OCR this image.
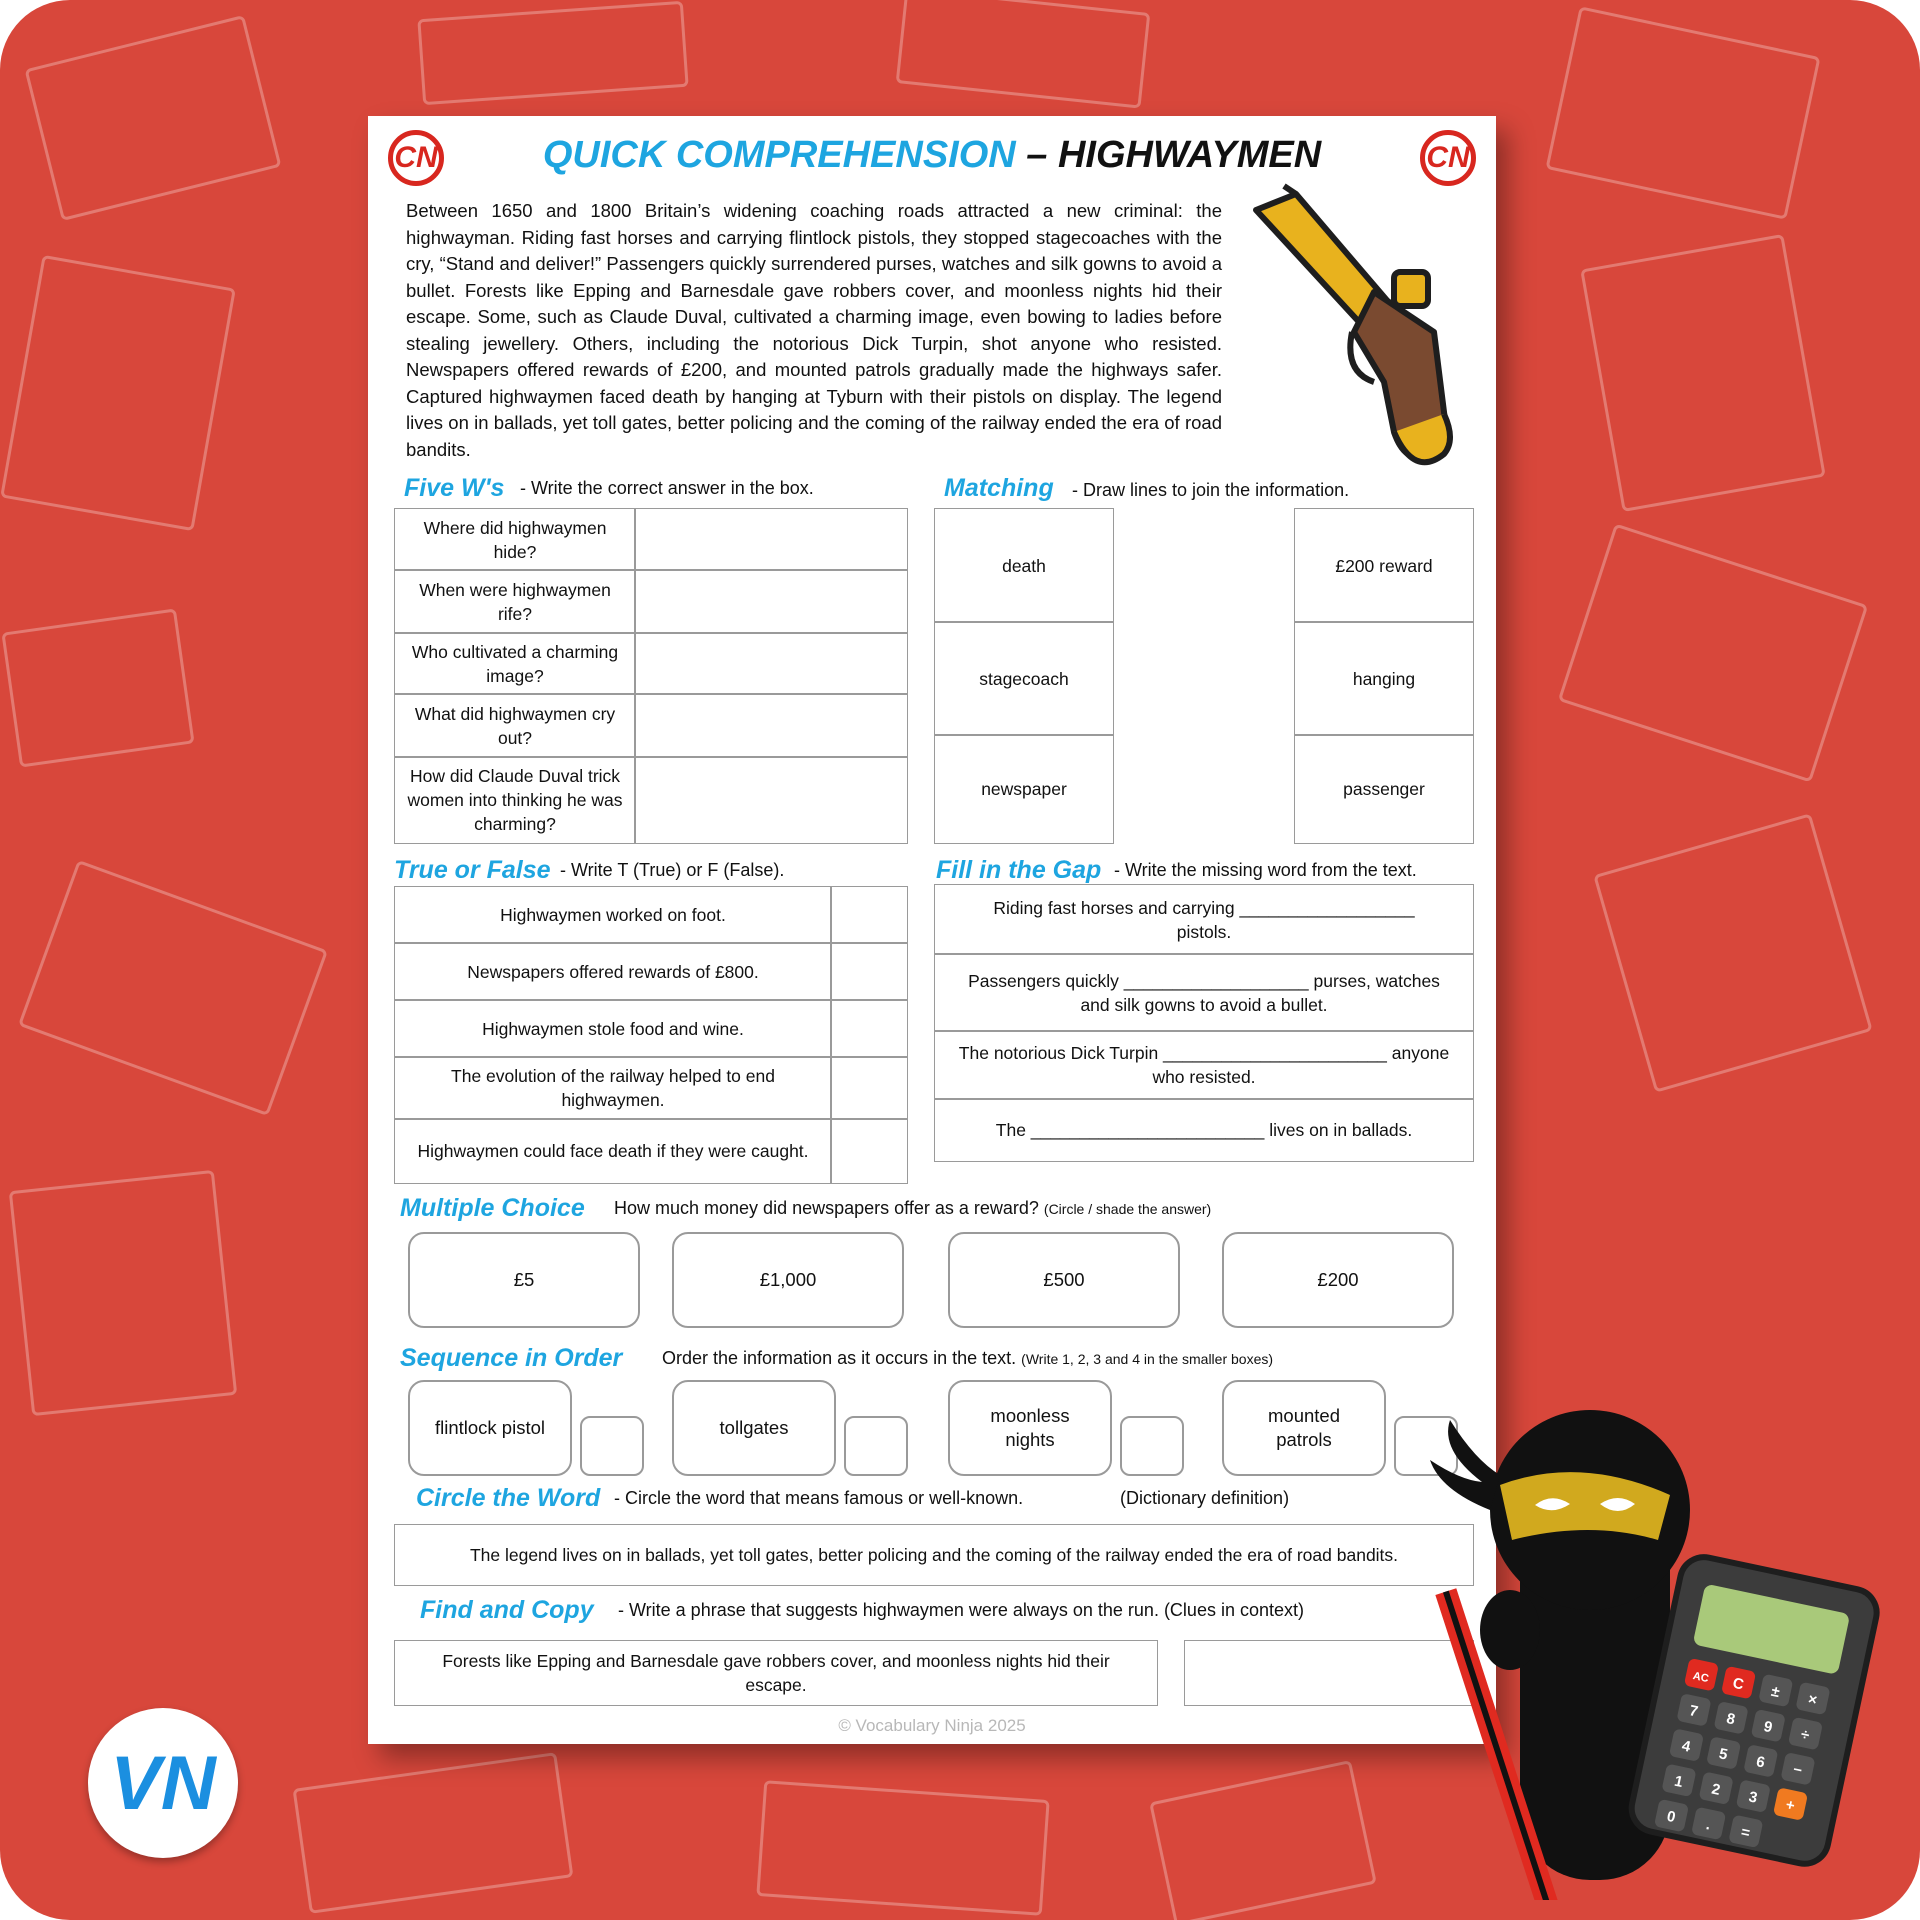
CN	CN
QUICK COMPREHENSION – HIGHWAYMEN
Between 1650 and 1800 Britain’s widening coaching roads attracted a new criminal: the highwayman. Riding fast horses and carrying flintlock pistols, they stopped stagecoaches with the cry, “Stand and deliver!” Passengers quickly surrendered purses, watches and silk gowns to avoid a bullet. Forests like Epping and Barnesdale gave robbers cover, and moonless nights hid their escape. Some, such as Claude Duval, cultivated a charming image, even bowing to ladies before stealing jewellery. Others, including the notorious Dick Turpin, shot anyone who resisted. Newspapers offered rewards of £200, and mounted patrols gradually made the highways safer. Captured highwaymen faced death by hanging at Tyburn with their pistols on display. The legend lives on in ballads, yet toll gates, better policing and the coming of the railway ended the era of road bandits.
Five W's - Write the correct answer in the box.
Where did highwaymen hide?
When were highwaymen rife?
Who cultivated a charming image?
What did highwaymen cry out?
How did Claude Duval trick women into thinking he was charming?
Matching - Draw lines to join the information.
death
stagecoach
newspaper
£200 reward
hanging
passenger
True or False - Write T (True) or F (False).
Highwaymen worked on foot.
Newspapers offered rewards of £800.
Highwaymen stole food and wine.
The evolution of the railway helped to end highwaymen.
Highwaymen could face death if they were caught.
Fill in the Gap - Write the missing word from the text.
Riding fast horses and carrying __________________ pistols.
Passengers quickly ___________________ purses, watches and silk gowns to avoid a bullet.
The notorious Dick Turpin _______________________ anyone who resisted.
The ________________________ lives on in ballads.
Multiple Choice How much money did newspapers offer as a reward? (Circle / shade the answer)
£5	£1,000	£500	£200
Sequence in Order Order the information as it occurs in the text. (Write 1, 2, 3 and 4 in the smaller boxes)
flintlock pistol	tollgates
moonless nights
mounted patrols
Circle the Word - Circle the word that means famous or well-known.	(Dictionary definition)
The legend lives on in ballads, yet toll gates, better policing and the coming of the railway ended the era of road bandits.
Find and Copy - Write a phrase that suggests highwaymen were always on the run. (Clues in context)
Forests like Epping and Barnesdale gave robbers cover, and moonless nights hid their escape.
© Vocabulary Ninja 2025
AC C ± ×
7 8 9 ÷
4 5 6 −
1 2 3 +
0 . =
VN
